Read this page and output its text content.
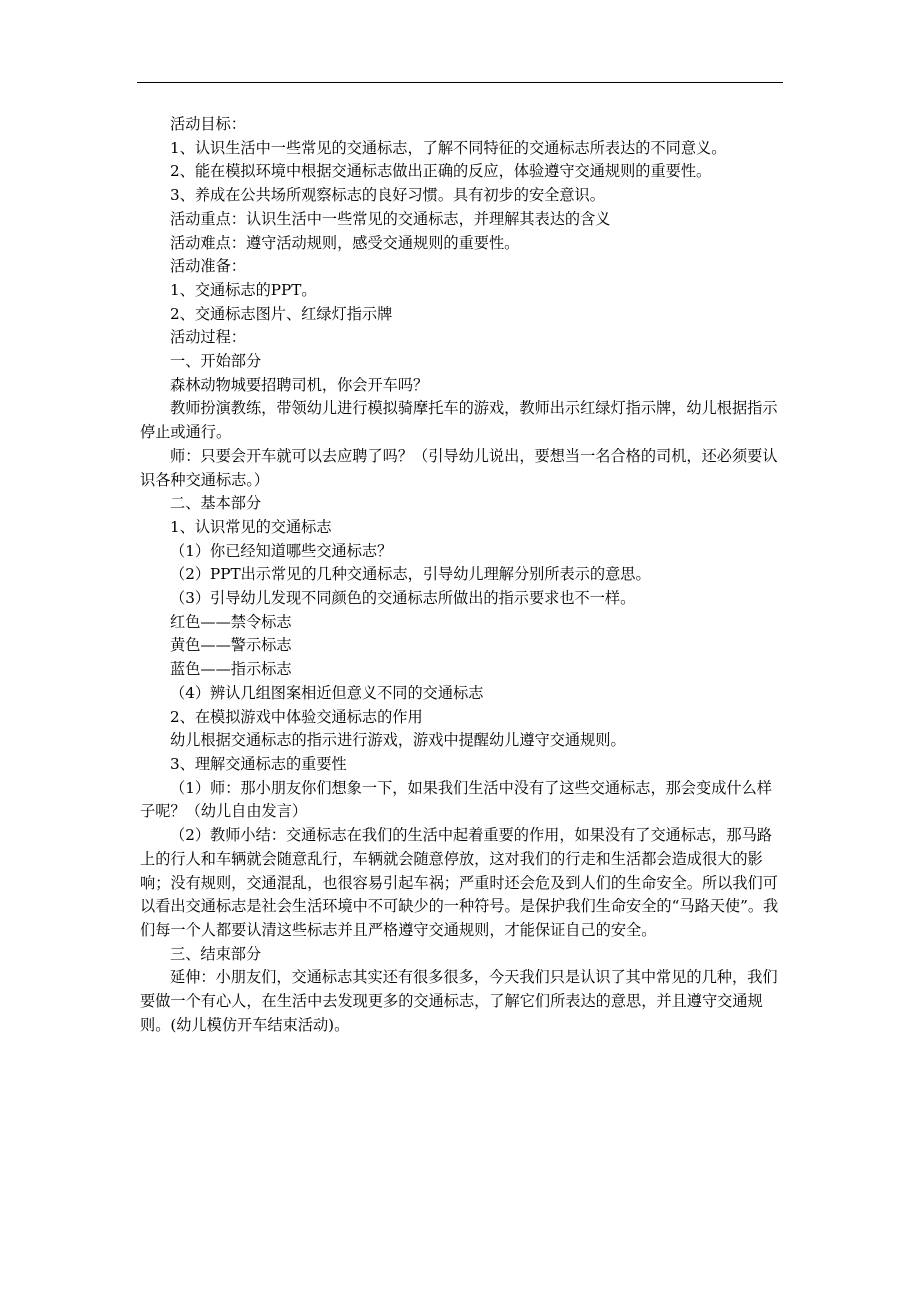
活动目标：

1、认识生活中一些常见的交通标志，了解不同特征的交通标志所表达的不同意义。

2、能在模拟环境中根据交通标志做出正确的反应，体验遵守交通规则的重要性。

3、养成在公共场所观察标志的良好习惯。具有初步的安全意识。

活动重点：认识生活中一些常见的交通标志，并理解其表达的含义

活动难点：遵守活动规则，感受交通规则的重要性。

活动准备：

1、交通标志的PPT。

2、交通标志图片、红绿灯指示牌

活动过程：

一、开始部分

森林动物城要招聘司机，你会开车吗？

教师扮演教练，带领幼儿进行模拟骑摩托车的游戏，教师出示红绿灯指示牌，幼儿根据指示停止或通行。

师：只要会开车就可以去应聘了吗？（引导幼儿说出，要想当一名合格的司机，还必须要认识各种交通标志。）

二、基本部分

1、认识常见的交通标志

（1）你已经知道哪些交通标志？

（2）PPT出示常见的几种交通标志，引导幼儿理解分别所表示的意思。

（3）引导幼儿发现不同颜色的交通标志所做出的指示要求也不一样。

红色——禁令标志

黄色——警示标志

蓝色——指示标志

（4）辨认几组图案相近但意义不同的交通标志

2、在模拟游戏中体验交通标志的作用

幼儿根据交通标志的指示进行游戏，游戏中提醒幼儿遵守交通规则。

3、理解交通标志的重要性

（1）师：那小朋友你们想象一下，如果我们生活中没有了这些交通标志，那会变成什么样子呢？（幼儿自由发言）

（2）教师小结：交通标志在我们的生活中起着重要的作用，如果没有了交通标志，那马路上的行人和车辆就会随意乱行，车辆就会随意停放，这对我们的行走和生活都会造成很大的影响；没有规则，交通混乱，也很容易引起车祸；严重时还会危及到人们的生命安全。所以我们可以看出交通标志是社会生活环境中不可缺少的一种符号。是保护我们生命安全的“马路天使”。我们每一个人都要认清这些标志并且严格遵守交通规则，才能保证自己的安全。

三、结束部分

延伸：小朋友们，交通标志其实还有很多很多，今天我们只是认识了其中常见的几种，我们要做一个有心人，在生活中去发现更多的交通标志，了解它们所表达的意思，并且遵守交通规则。(幼儿模仿开车结束活动)。
